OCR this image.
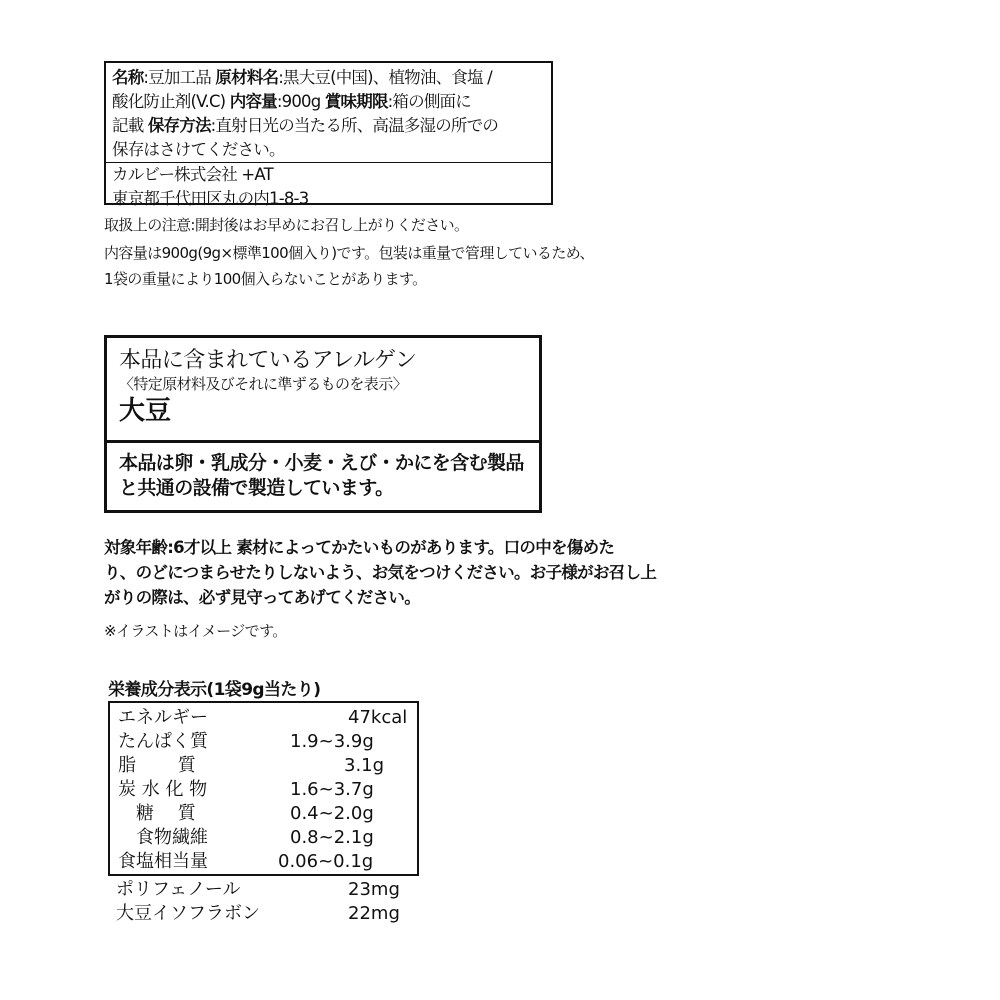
名称:豆加工品 原材料名:黒大豆(中国)、植物油、食塩 /
酸化防止剤(V.C) 内容量:900g 賞味期限:箱の側面に
記載 保存方法:直射日光の当たる所、高温多湿の所での
保存はさけてください。
カルビー株式会社 +AT
東京都千代田区丸の内1-8-3
取扱上の注意:開封後はお早めにお召し上がりください。
内容量は900g(9g×標準100個入り)です。包装は重量で管理しているため、
1袋の重量により100個入らないことがあります。
本品に含まれているアレルゲン
〈特定原材料及びそれに準ずるものを表示〉
大豆
本品は卵・乳成分・小麦・えび・かにを含む製品
と共通の設備で製造しています。
対象年齢:6才以上 素材によってかたいものがあります。口の中を傷めた
り、のどにつまらせたりしないよう、お気をつけください。お子様がお召し上
がりの際は、必ず見守ってあげてください。
※イラストはイメージです。
栄養成分表示(1袋9g当たり)
エネルギー	47kcal
たんぱく質	1.9~3.9g
脂　　 質	3.1g
炭 水 化 物	1.6~3.7g
　糖　 質	0.4~2.0g
　食物繊維	0.8~2.1g
食塩相当量	0.06~0.1g
ポリフェノール	23mg
大豆イソフラボン	22mg
